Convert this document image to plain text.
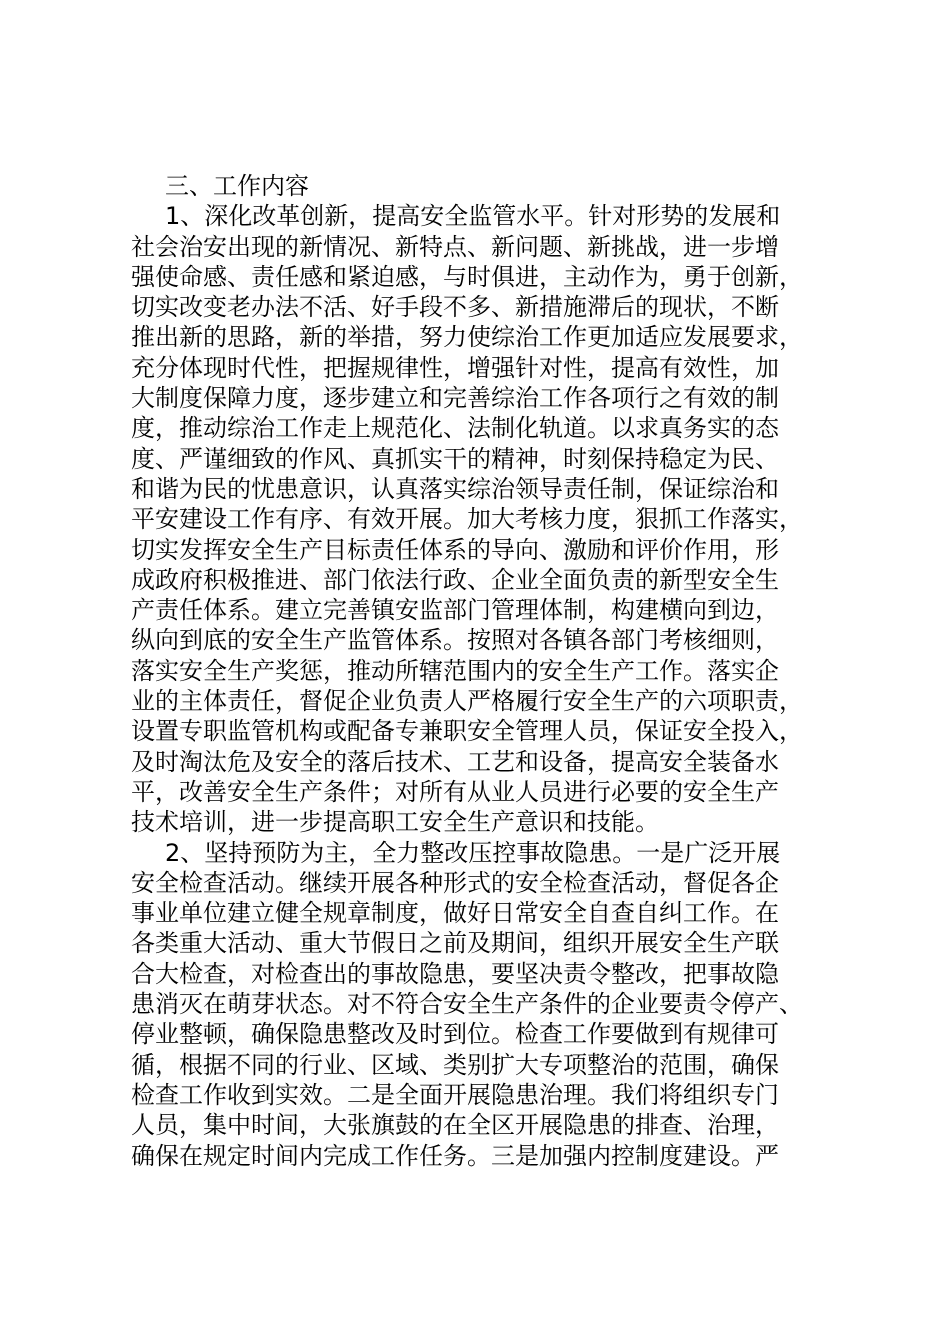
三、工作内容
1、深化改革创新，提高安全监管水平。针对形势的发展和
社会治安出现的新情况、新特点、新问题、新挑战，进一步增
强使命感、责任感和紧迫感，与时俱进，主动作为，勇于创新，
切实改变老办法不活、好手段不多、新措施滞后的现状，不断
推出新的思路，新的举措，努力使综治工作更加适应发展要求，
充分体现时代性，把握规律性，增强针对性，提高有效性，加
大制度保障力度，逐步建立和完善综治工作各项行之有效的制
度，推动综治工作走上规范化、法制化轨道。以求真务实的态
度、严谨细致的作风、真抓实干的精神，时刻保持稳定为民、
和谐为民的忧患意识，认真落实综治领导责任制，保证综治和
平安建设工作有序、有效开展。加大考核力度，狠抓工作落实，
切实发挥安全生产目标责任体系的导向、激励和评价作用，形
成政府积极推进、部门依法行政、企业全面负责的新型安全生
产责任体系。建立完善镇安监部门管理体制，构建横向到边，
纵向到底的安全生产监管体系。按照对各镇各部门考核细则，
落实安全生产奖惩，推动所辖范围内的安全生产工作。落实企
业的主体责任，督促企业负责人严格履行安全生产的六项职责，
设置专职监管机构或配备专兼职安全管理人员，保证安全投入，
及时淘汰危及安全的落后技术、工艺和设备，提高安全装备水
平，改善安全生产条件；对所有从业人员进行必要的安全生产
技术培训，进一步提高职工安全生产意识和技能。
2、坚持预防为主，全力整改压控事故隐患。一是广泛开展
安全检查活动。继续开展各种形式的安全检查活动，督促各企
事业单位建立健全规章制度，做好日常安全自查自纠工作。在
各类重大活动、重大节假日之前及期间，组织开展安全生产联
合大检查，对检查出的事故隐患，要坚决责令整改，把事故隐
患消灭在萌芽状态。对不符合安全生产条件的企业要责令停产、
停业整顿，确保隐患整改及时到位。检查工作要做到有规律可
循，根据不同的行业、区域、类别扩大专项整治的范围，确保
检查工作收到实效。二是全面开展隐患治理。我们将组织专门
人员，集中时间，大张旗鼓的在全区开展隐患的排查、治理，
确保在规定时间内完成工作任务。三是加强内控制度建设。严
